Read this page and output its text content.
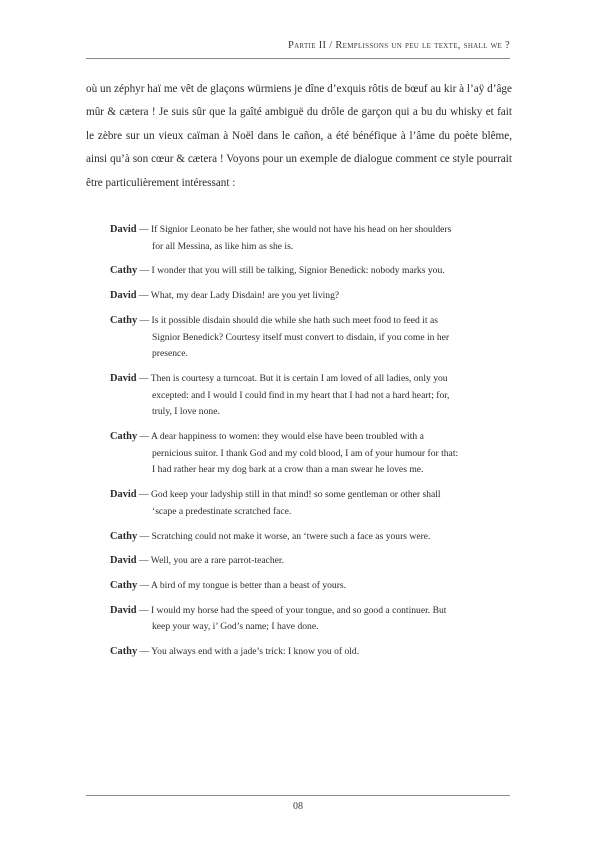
Partie II / Remplissons un peu le texte, shall we ?

où un zéphyr haï me vêt de glaçons würmiens je dîne d’exquis rôtis de bœuf au kir à l’aÿ d’âge mûr & cætera ! Je suis sûr que la gaîté ambiguë du drôle de garçon qui a bu du whisky et fait le zèbre sur un vieux caïman à Noël dans le cañon, a été bénéfique à l’âme du poète blême, ainsi qu’à son cœur & cætera ! Voyons pour un exemple de dialogue comment ce style pourrait être particulièrement intéressant :

David — If Signior Leonato be her father, she would not have his head on her shoulders for all Messina, as like him as she is.
Cathy — I wonder that you will still be talking, Signior Benedick: nobody marks you.
David — What, my dear Lady Disdain! are you yet living?
Cathy — Is it possible disdain should die while she hath such meet food to feed it as Signior Benedick? Courtesy itself must convert to disdain, if you come in her presence.
David — Then is courtesy a turncoat. But it is certain I am loved of all ladies, only you excepted: and I would I could find in my heart that I had not a hard heart; for, truly, I love none.
Cathy — A dear happiness to women: they would else have been troubled with a pernicious suitor. I thank God and my cold blood, I am of your humour for that: I had rather hear my dog bark at a crow than a man swear he loves me.
David — God keep your ladyship still in that mind! so some gentleman or other shall ‘scape a predestinate scratched face.
Cathy — Scratching could not make it worse, an ‘twere such a face as yours were.
David — Well, you are a rare parrot-teacher.
Cathy — A bird of my tongue is better than a beast of yours.
David — I would my horse had the speed of your tongue, and so good a continuer. But keep your way, i’ God’s name; I have done.
Cathy — You always end with a jade’s trick: I know you of old.
08
